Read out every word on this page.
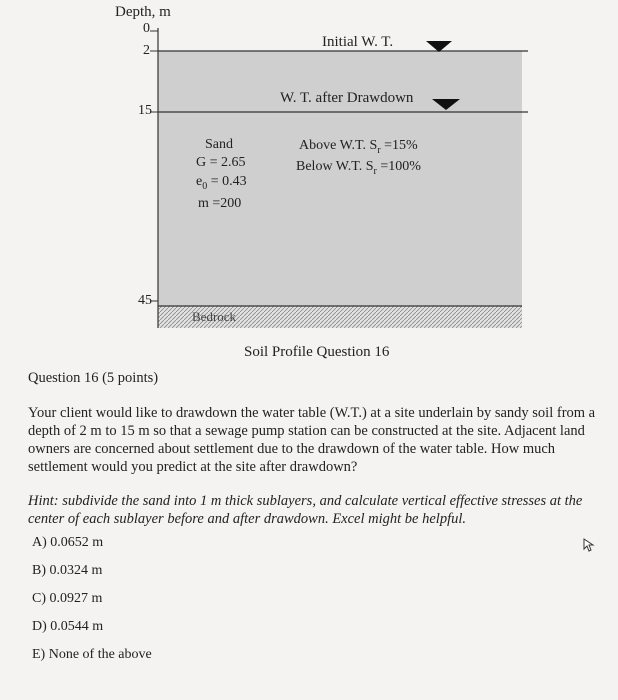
Depth, m
0
2
15
45
Initial W. T.
W. T. after Drawdown
Sand
G = 2.65
$e_0 = 0.43$
m =200
Above W.T. $S_r =15\%$
Below W.T. $S_r =100\%$
Bedrock
Soil Profile Question 16
Question 16 (5 points)
Your client would like to drawdown the water table (W.T.) at a site underlain by sandy soil from a depth of 2 m to 15 m so that a sewage pump station can be constructed at the site. Adjacent land owners are concerned about settlement due to the drawdown of the water table. How much settlement would you predict at the site after drawdown?
Hint: subdivide the sand into 1 m thick sublayers, and calculate vertical effective stresses at the center of each sublayer before and after drawdown. Excel might be helpful.
A) 0.0652 m
B) 0.0324 m
C) 0.0927 m
D) 0.0544 m
E) None of the above
